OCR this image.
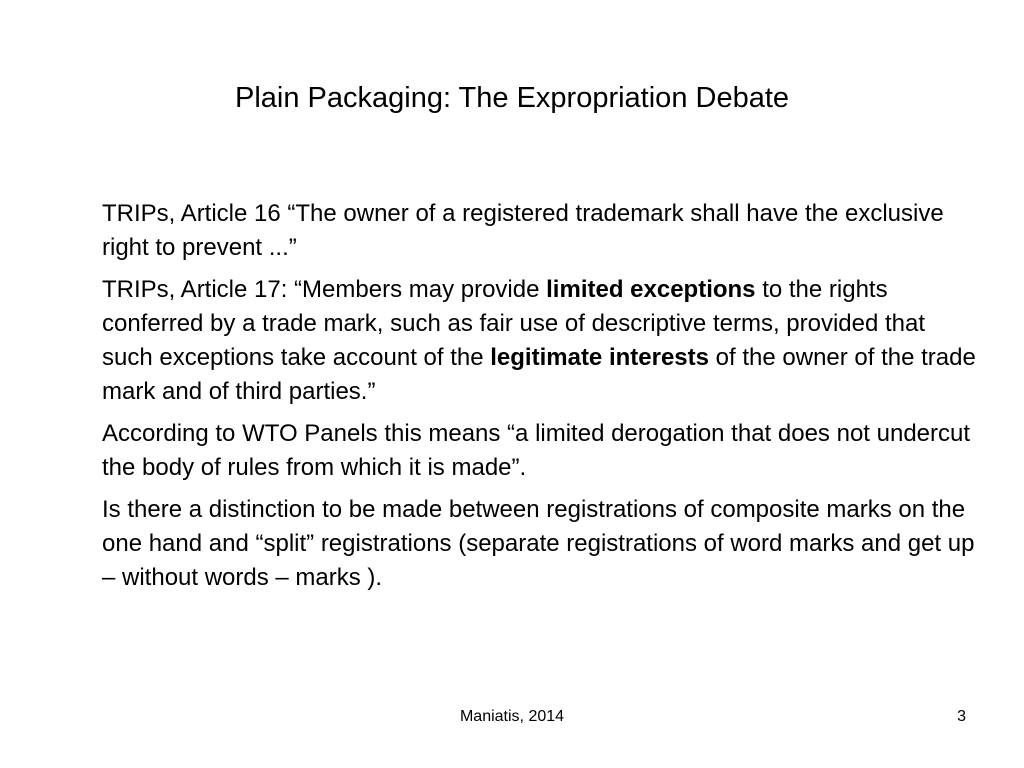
Plain Packaging: The Expropriation Debate

TRIPs, Article 16 “The owner of a registered trademark shall have the exclusive right to prevent ...”

TRIPs, Article 17: “Members may provide limited exceptions to the rights conferred by a trade mark, such as fair use of descriptive terms, provided that such exceptions take account of the legitimate interests of the owner of the trade mark and of third parties.”

According to WTO Panels this means “a limited derogation that does not undercut the body of rules from which it is made”.

Is there a distinction to be made between registrations of composite marks on the one hand and “split” registrations (separate registrations of word marks and get up – without words – marks ).

Maniatis, 2014	3
